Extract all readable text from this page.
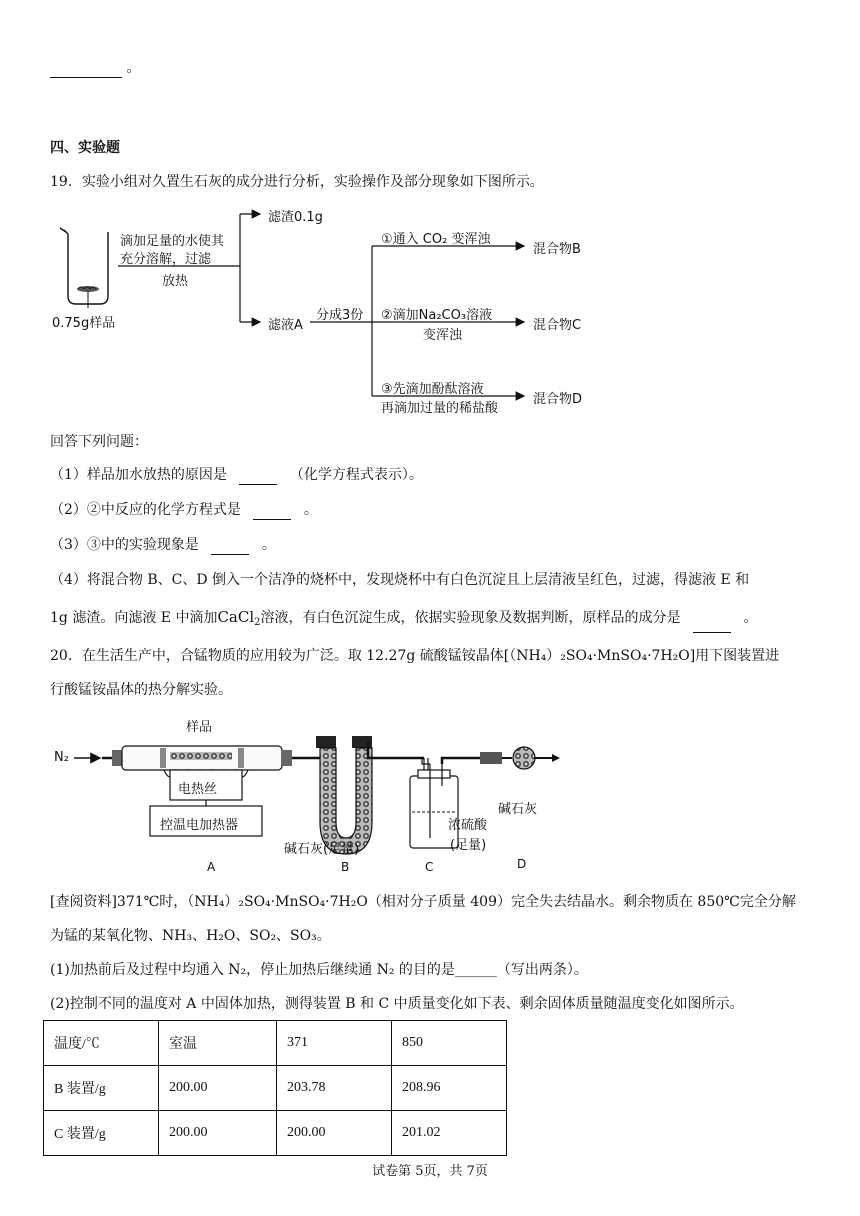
。
四、实验题
19．实验小组对久置生石灰的成分进行分析，实验操作及部分现象如下图所示。
0.75g样品
滴加足量的水使其
充分溶解，过滤
放热
滤渣0.1g
滤液A
分成3份
①通入 CO₂ 变浑浊
②滴加Na₂CO₃溶液
变浑浊
③先滴加酚酞溶液
再滴加过量的稀盐酸
混合物B
混合物C
混合物D
回答下列问题：
（1）样品加水放热的原因是	（化学方程式表示）。
（2）②中反应的化学方程式是	。
（3）③中的实验现象是	。
（4）将混合物 B、C、D 倒入一个洁净的烧杯中，发现烧杯中有白色沉淀且上层清液呈红色，过滤，得滤液 E 和
1g 滤渣。向滤液 E 中滴加CaCl$_2$溶液，有白色沉淀生成，依据实验现象及数据判断，原样品的成分是	。
20．在生活生产中，合锰物质的应用较为广泛。取 12.27g 硫酸锰铵晶体[（NH₄）₂SO₄·MnSO₄·7H₂O]用下图装置进
行酸锰铵晶体的热分解实验。
N₂
样品
电热丝
控温电加热器
碱石灰(足量)
浓硫酸
(足量)
碱石灰
A	B	C	D
[查阅资料]371℃时，（NH₄）₂SO₄·MnSO₄·7H₂O（相对分子质量 409）完全失去结晶水。剩余物质在 850℃完全分解
为锰的某氧化物、NH₃、H₂O、SO₂、SO₃。
(1)加热前后及过程中均通入 N₂，停止加热后继续通 N₂ 的目的是______（写出两条）。
(2)控制不同的温度对 A 中固体加热，测得装置 B 和 C 中质量变化如下表、剩余固体质量随温度变化如图所示。
温度/℃	室温	371	850
B 装置/g	200.00	203.78	208.96
C 装置/g	200.00	200.00	201.02
试卷第 5页，共 7页
